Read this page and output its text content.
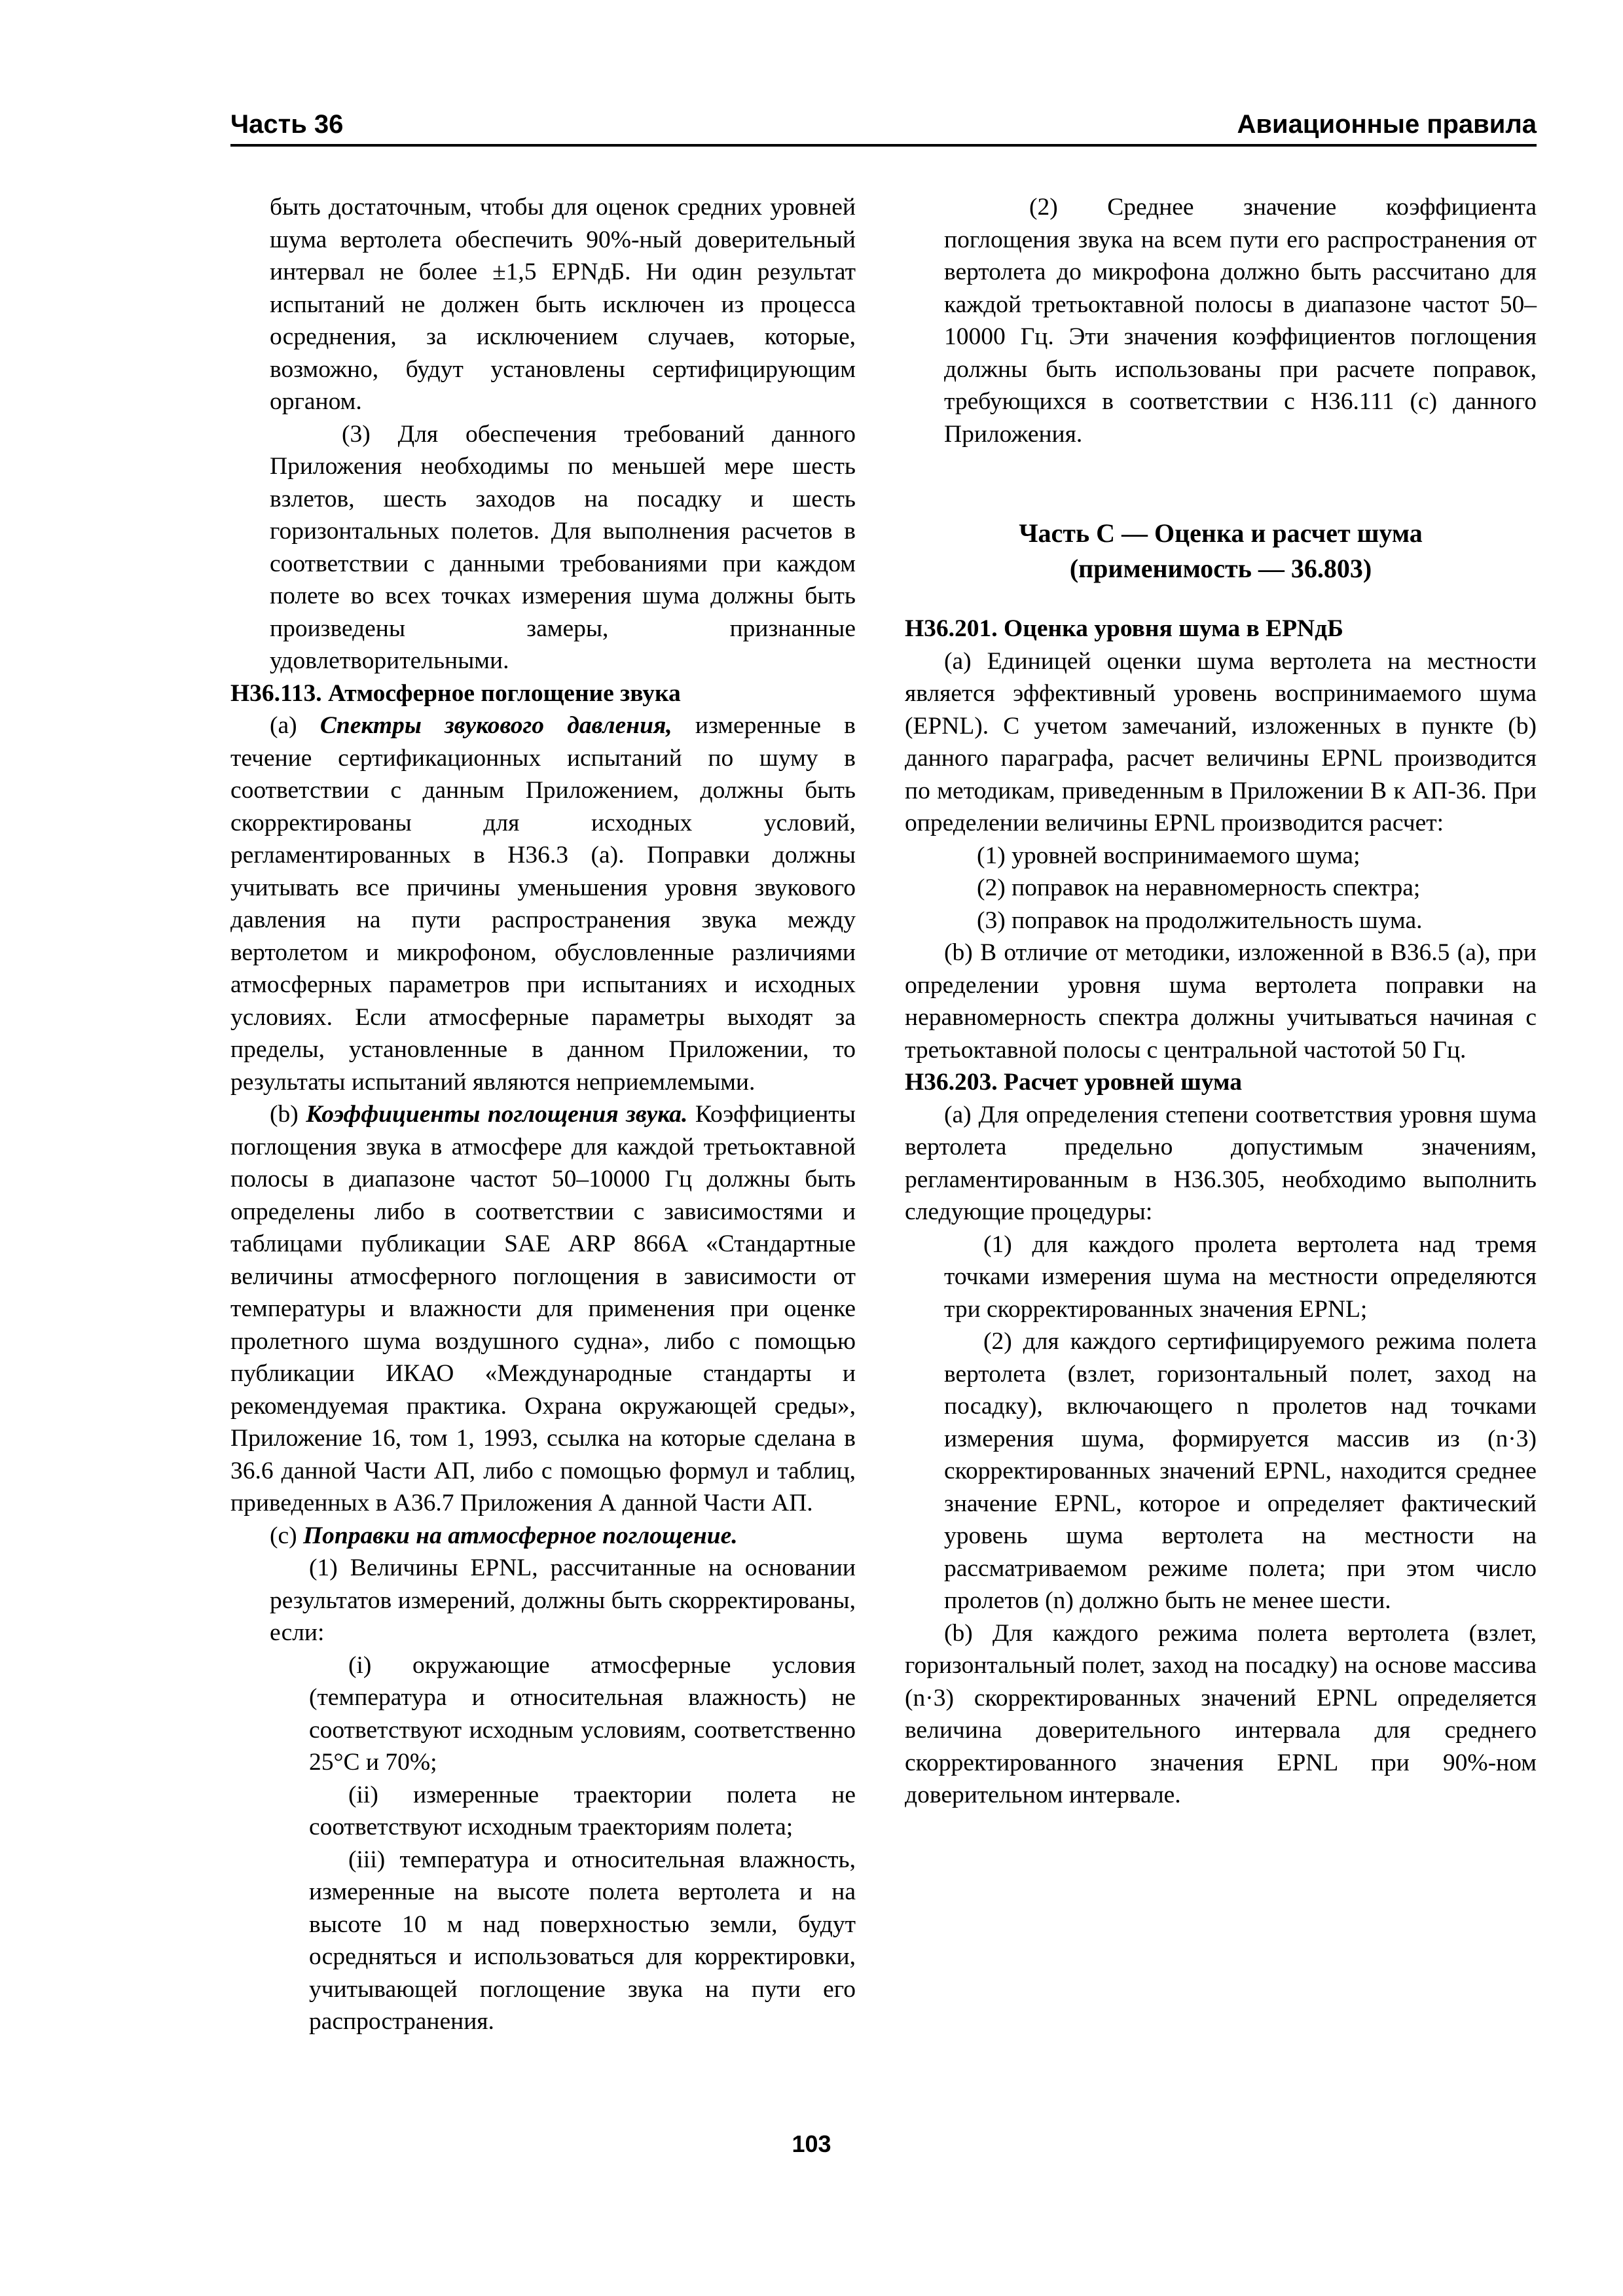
Часть 36	Авиационные правила

быть достаточным, чтобы для оценок средних уровней шума вертолета обеспечить 90%-ный доверительный интервал не более ±1,5 EPNдБ. Ни один результат испытаний не должен быть исключен из процесса осреднения, за исключением случаев, которые, возможно, будут установлены сертифицирующим органом.

(3) Для обеспечения требований данного Приложения необходимы по меньшей мере шесть взлетов, шесть заходов на посадку и шесть горизонтальных полетов. Для выполнения расчетов в соответствии с данными требованиями при каждом полете во всех точках измерения шума должны быть произведены замеры, признанные удовлетворительными.

Н36.113. Атмосферное поглощение звука

(a) Спектры звукового давления, измеренные в течение сертификационных испытаний по шуму в соответствии с данным Приложением, должны быть скорректированы для исходных условий, регламентированных в Н36.3 (a). Поправки должны учитывать все причины уменьшения уровня звукового давления на пути распространения звука между вертолетом и микрофоном, обусловленные различиями атмосферных параметров при испытаниях и исходных условиях. Если атмосферные параметры выходят за пределы, установленные в данном Приложении, то результаты испытаний являются неприемлемыми.

(b) Коэффициенты поглощения звука. Коэффициенты поглощения звука в атмосфере для каждой третьоктавной полосы в диапазоне частот 50–10000 Гц должны быть определены либо в соответствии с зависимостями и таблицами публикации SAE ARP 866A «Стандартные величины атмосферного поглощения в зависимости от температуры и влажности для применения при оценке пролетного шума воздушного судна», либо с помощью публикации ИКАО «Международные стандарты и рекомендуемая практика. Охрана окружающей среды», Приложение 16, том 1, 1993, ссылка на которые сделана в 36.6 данной Части АП, либо с помощью формул и таблиц, приведенных в А36.7 Приложения А данной Части АП.

(c) Поправки на атмосферное поглощение.

(1) Величины EPNL, рассчитанные на основании результатов измерений, должны быть скорректированы, если:

(i) окружающие атмосферные условия (температура и относительная влажность) не соответствуют исходным условиям, соответственно 25°С и 70%;

(ii) измеренные траектории полета не соответствуют исходным траекториям полета;

(iii) температура и относительная влажность, измеренные на высоте полета вертолета и на высоте 10 м над поверхностью земли, будут осредняться и использоваться для корректировки, учитывающей поглощение звука на пути его распространения.

(2) Среднее значение коэффициента поглощения звука на всем пути его распространения от вертолета до микрофона должно быть рассчитано для каждой третьоктавной полосы в диапазоне частот 50–10000 Гц. Эти значения коэффициентов поглощения должны быть использованы при расчете поправок, требующихся в соответствии с Н36.111 (c) данного Приложения.

Часть С — Оценка и расчет шума
(применимость — 36.803)

Н36.201. Оценка уровня шума в EPNдБ

(a) Единицей оценки шума вертолета на местности является эффективный уровень воспринимаемого шума (EPNL). С учетом замечаний, изложенных в пункте (b) данного параграфа, расчет величины EPNL производится по методикам, приведенным в Приложении В к АП-36. При определении величины EPNL производится расчет:

(1) уровней воспринимаемого шума;

(2) поправок на неравномерность спектра;

(3) поправок на продолжительность шума.

(b) В отличие от методики, изложенной в В36.5 (a), при определении уровня шума вертолета поправки на неравномерность спектра должны учитываться начиная с третьоктавной полосы с центральной частотой 50 Гц.

Н36.203. Расчет уровней шума

(a) Для определения степени соответствия уровня шума вертолета предельно допустимым значениям, регламентированным в Н36.305, необходимо выполнить следующие процедуры:

(1) для каждого пролета вертолета над тремя точками измерения шума на местности определяются три скорректированных значения EPNL;

(2) для каждого сертифицируемого режима полета вертолета (взлет, горизонтальный полет, заход на посадку), включающего n пролетов над точками измерения шума, формируется массив из (n·3) скорректированных значений EPNL, находится среднее значение EPNL, которое и определяет фактический уровень шума вертолета на местности на рассматриваемом режиме полета; при этом число пролетов (n) должно быть не менее шести.

(b) Для каждого режима полета вертолета (взлет, горизонтальный полет, заход на посадку) на основе массива (n·3) скорректированных значений EPNL определяется величина доверительного интервала для среднего скорректированного значения EPNL при 90%-ном доверительном интервале.

103
